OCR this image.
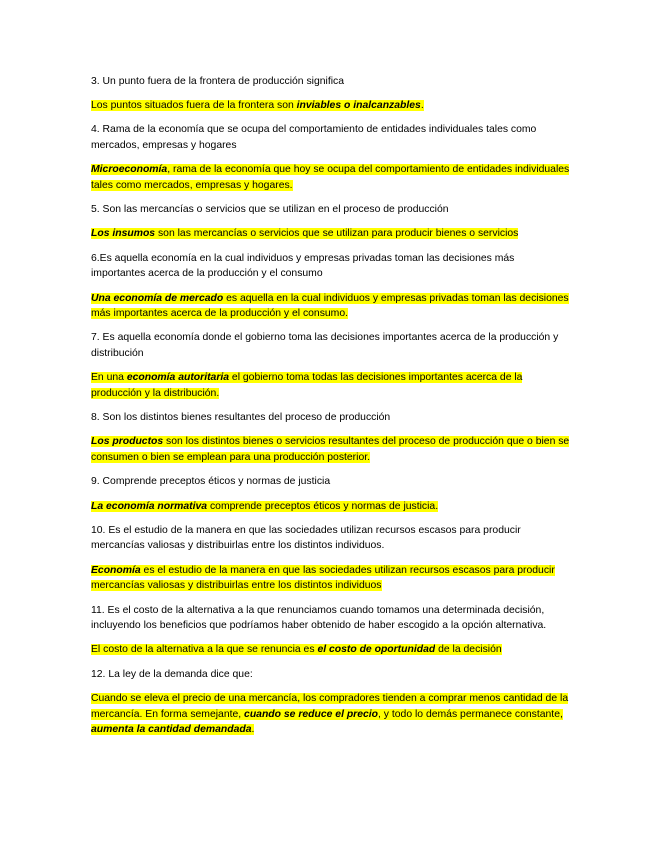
3. Un punto fuera de la frontera de producción significa

Los puntos situados fuera de la frontera son inviables o inalcanzables.

4. Rama de la economía que se ocupa del comportamiento de entidades individuales tales como mercados, empresas y hogares

Microeconomía, rama de la economía que hoy se ocupa del comportamiento de entidades individuales tales como mercados, empresas y hogares.

5. Son las mercancías o servicios que se utilizan en el proceso de producción

Los insumos son las mercancías o servicios que se utilizan para producir bienes o servicios

6.Es aquella economía en la cual individuos y empresas privadas toman las decisiones más importantes acerca de la producción y el consumo

Una economía de mercado es aquella en la cual individuos y empresas privadas toman las decisiones más importantes acerca de la producción y el consumo.

7. Es aquella economía donde el gobierno toma las decisiones importantes acerca de la producción y distribución

En una economía autoritaria el gobierno toma todas las decisiones importantes acerca de la producción y la distribución.

8. Son los distintos bienes resultantes del proceso de producción

Los productos son los distintos bienes o servicios resultantes del proceso de producción que o bien se consumen o bien se emplean para una producción posterior.

9. Comprende preceptos éticos y normas de justicia

La economía normativa comprende preceptos éticos y normas de justicia.

10. Es el estudio de la manera en que las sociedades utilizan recursos escasos para producir mercancías valiosas y distribuirlas entre los distintos individuos.

Economía es el estudio de la manera en que las sociedades utilizan recursos escasos para producir mercancías valiosas y distribuirlas entre los distintos individuos

11. Es el costo de la alternativa a la que renunciamos cuando tomamos una determinada decisión, incluyendo los beneficios que podríamos haber obtenido de haber escogido a la opción alternativa.

El costo de la alternativa a la que se renuncia es el costo de oportunidad de la decisión

12. La ley de la demanda dice que:

Cuando se eleva el precio de una mercancía, los compradores tienden a comprar menos cantidad de la mercancía. En forma semejante, cuando se reduce el precio, y todo lo demás permanece constante, aumenta la cantidad demandada.
